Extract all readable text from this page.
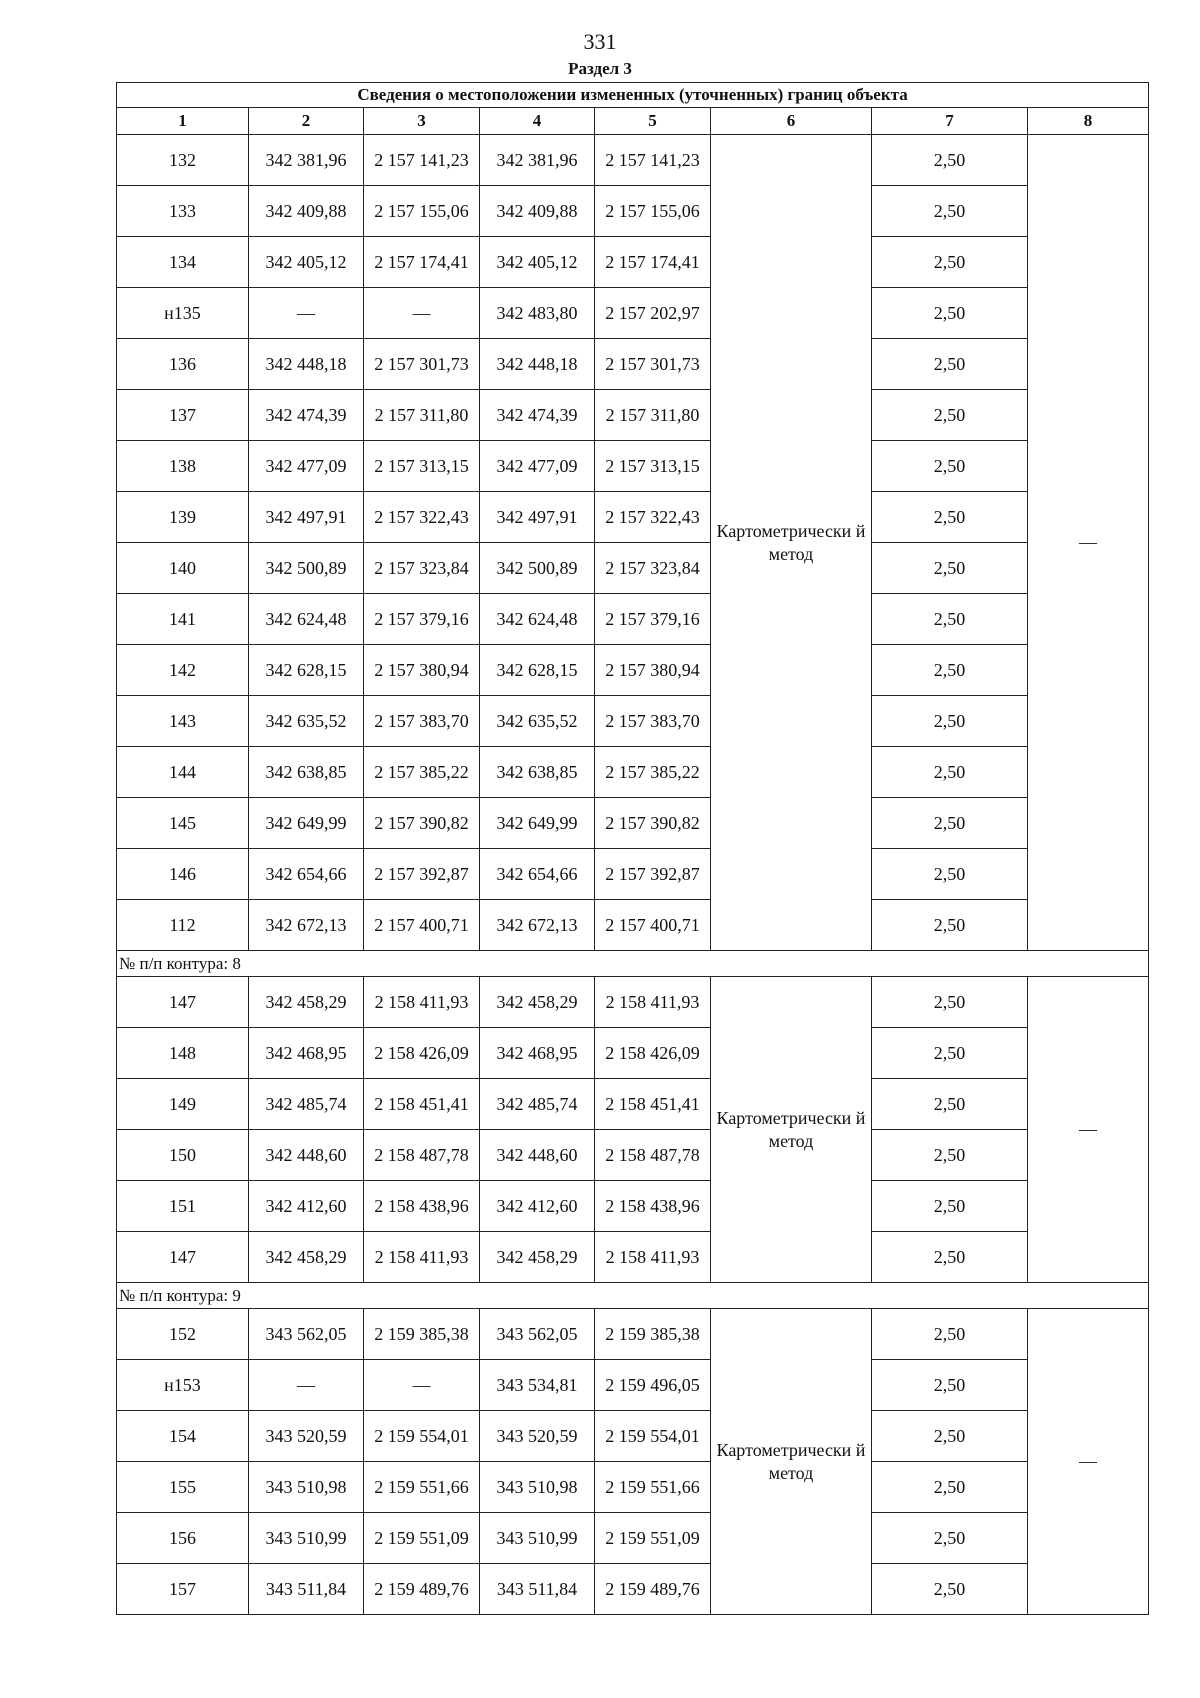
331
Раздел 3
Сведения о местоположении измененных (уточненных) границ объекта							
1	2	3	4	5	6	7	8
132	342 381,96	2 157 141,23	342 381,96	2 157 141,23	Картометрически й метод	2,50	—
133	342 409,88	2 157 155,06	342 409,88	2 157 155,06		2,50	
134	342 405,12	2 157 174,41	342 405,12	2 157 174,41		2,50	
н135	—	—	342 483,80	2 157 202,97		2,50	
136	342 448,18	2 157 301,73	342 448,18	2 157 301,73		2,50	
137	342 474,39	2 157 311,80	342 474,39	2 157 311,80		2,50	
138	342 477,09	2 157 313,15	342 477,09	2 157 313,15		2,50	
139	342 497,91	2 157 322,43	342 497,91	2 157 322,43		2,50	
140	342 500,89	2 157 323,84	342 500,89	2 157 323,84		2,50	
141	342 624,48	2 157 379,16	342 624,48	2 157 379,16		2,50	
142	342 628,15	2 157 380,94	342 628,15	2 157 380,94		2,50	
143	342 635,52	2 157 383,70	342 635,52	2 157 383,70		2,50	
144	342 638,85	2 157 385,22	342 638,85	2 157 385,22		2,50	
145	342 649,99	2 157 390,82	342 649,99	2 157 390,82		2,50	
146	342 654,66	2 157 392,87	342 654,66	2 157 392,87		2,50	
112	342 672,13	2 157 400,71	342 672,13	2 157 400,71		2,50	
№ п/п контура: 8							
147	342 458,29	2 158 411,93	342 458,29	2 158 411,93	Картометрически й метод	2,50	—
148	342 468,95	2 158 426,09	342 468,95	2 158 426,09		2,50	
149	342 485,74	2 158 451,41	342 485,74	2 158 451,41		2,50	
150	342 448,60	2 158 487,78	342 448,60	2 158 487,78		2,50	
151	342 412,60	2 158 438,96	342 412,60	2 158 438,96		2,50	
147	342 458,29	2 158 411,93	342 458,29	2 158 411,93		2,50	
№ п/п контура: 9							
152	343 562,05	2 159 385,38	343 562,05	2 159 385,38	Картометрически й метод	2,50	—
н153	—	—	343 534,81	2 159 496,05		2,50	
154	343 520,59	2 159 554,01	343 520,59	2 159 554,01		2,50	
155	343 510,98	2 159 551,66	343 510,98	2 159 551,66		2,50	
156	343 510,99	2 159 551,09	343 510,99	2 159 551,09		2,50	
157	343 511,84	2 159 489,76	343 511,84	2 159 489,76		2,50	
